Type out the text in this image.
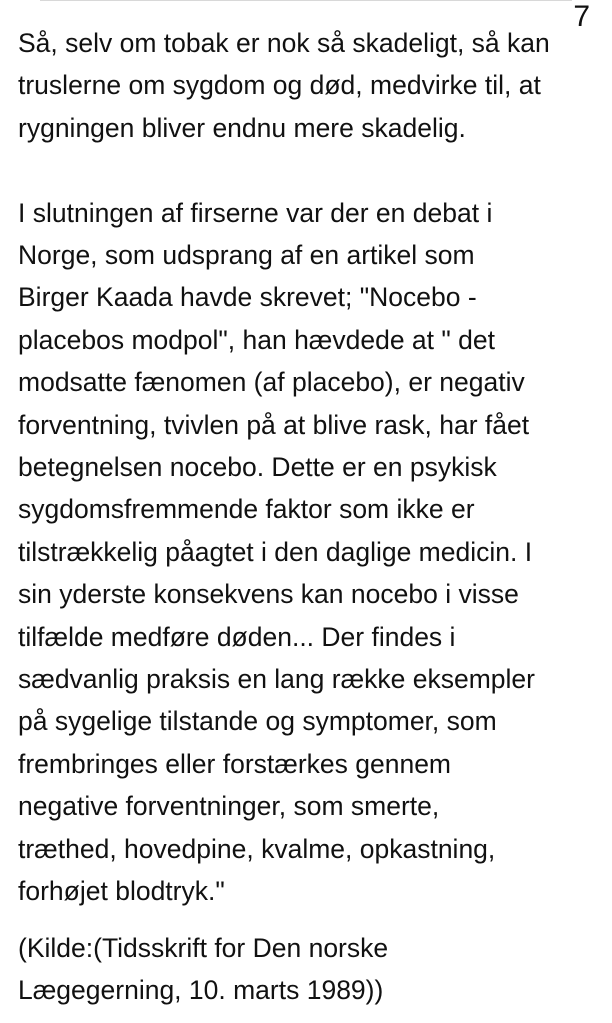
7

Så, selv om tobak er nok så skadeligt, så kan
truslerne om sygdom og død, medvirke til, at
rygningen bliver endnu mere skadelig.

I slutningen af firserne var der en debat i
Norge, som udsprang af en artikel som
Birger Kaada havde skrevet; "Nocebo -
placebos modpol", han hævdede at " det
modsatte fænomen (af placebo), er negativ
forventning, tvivlen på at blive rask, har fået
betegnelsen nocebo. Dette er en psykisk
sygdomsfremmende faktor som ikke er
tilstrækkelig påagtet i den daglige medicin. I
sin yderste konsekvens kan nocebo i visse
tilfælde medføre døden... Der findes i
sædvanlig praksis en lang række eksempler
på sygelige tilstande og symptomer, som
frembringes eller forstærkes gennem
negative forventninger, som smerte,
træthed, hovedpine, kvalme, opkastning,
forhøjet blodtryk."

(Kilde:(Tidsskrift for Den norske
Lægegerning, 10. marts 1989))
